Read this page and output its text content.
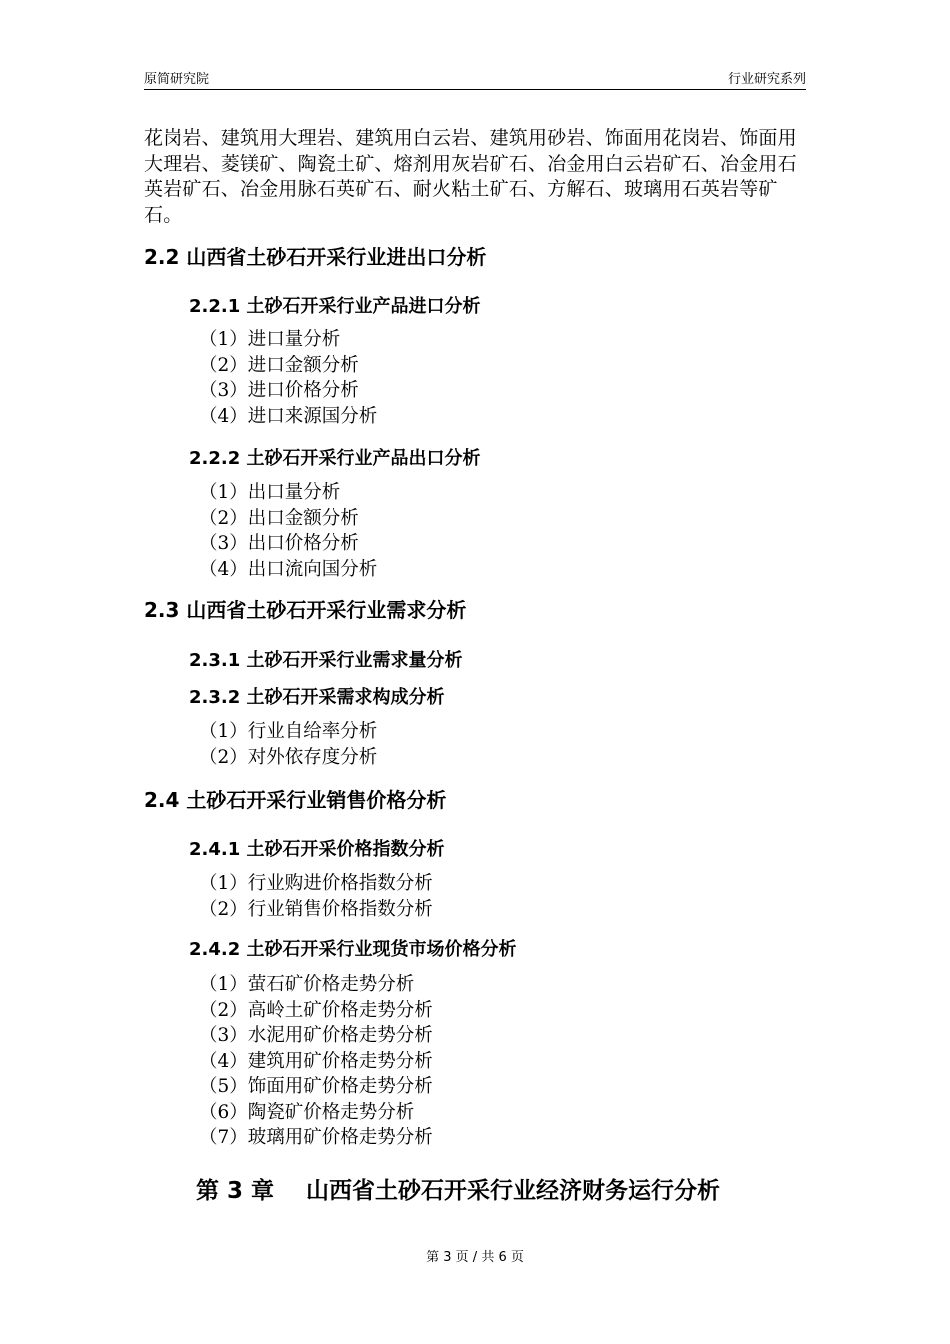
原简研究院	行业研究系列

花岗岩、建筑用大理岩、建筑用白云岩、建筑用砂岩、饰面用花岗岩、饰面用大理岩、菱镁矿、陶瓷土矿、熔剂用灰岩矿石、冶金用白云岩矿石、冶金用石英岩矿石、冶金用脉石英矿石、耐火粘土矿石、方解石、玻璃用石英岩等矿石。

2.2 山西省土砂石开采行业进出口分析
2.2.1 土砂石开采行业产品进口分析
（1）进口量分析
（2）进口金额分析
（3）进口价格分析
（4）进口来源国分析
2.2.2 土砂石开采行业产品出口分析
（1）出口量分析
（2）出口金额分析
（3）出口价格分析
（4）出口流向国分析
2.3 山西省土砂石开采行业需求分析
2.3.1 土砂石开采行业需求量分析
2.3.2 土砂石开采需求构成分析
（1）行业自给率分析
（2）对外依存度分析
2.4 土砂石开采行业销售价格分析
2.4.1 土砂石开采价格指数分析
（1）行业购进价格指数分析
（2）行业销售价格指数分析
2.4.2 土砂石开采行业现货市场价格分析
（1）萤石矿价格走势分析
（2）高岭土矿价格走势分析
（3）水泥用矿价格走势分析
（4）建筑用矿价格走势分析
（5）饰面用矿价格走势分析
（6）陶瓷矿价格走势分析
（7）玻璃用矿价格走势分析
第 3 章    山西省土砂石开采行业经济财务运行分析
第 3 页 / 共 6 页
